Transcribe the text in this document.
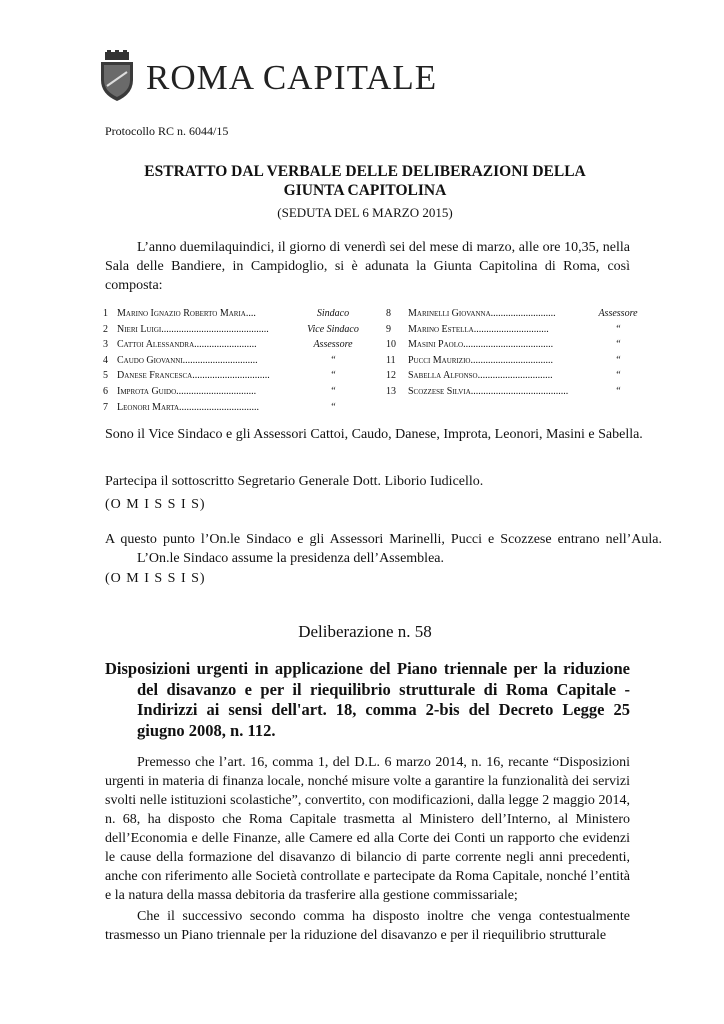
ROMA CAPITALE
Protocollo RC n. 6044/15
ESTRATTO DAL VERBALE DELLE DELIBERAZIONI DELLA
GIUNTA CAPITOLINA
(SEDUTA DEL 6 MARZO 2015)
L’anno duemilaquindici, il giorno di venerdì sei del mese di marzo, alle ore 10,35, nella Sala delle Bandiere, in Campidoglio, si è adunata la Giunta Capitolina di Roma, così composta:
1 Marino Ignazio Roberto Maria....	Sindaco
2 Nieri Luigi...........................................	Vice Sindaco
3 Cattoi Alessandra.........................	Assessore
4 Caudo Giovanni..............................	“
5 Danese Francesca...............................	“
6 Improta Guido................................	“
7 Leonori Marta................................	“
8	Marinelli Giovanna..........................	Assessore
9	Marino Estella..............................	“
10	Masini Paolo....................................	“
11	Pucci Maurizio.................................	“
12	Sabella Alfonso..............................	“
13	Scozzese Silvia.......................................	“
Sono il Vice Sindaco e gli Assessori Cattoi, Caudo, Danese, Improta, Leonori, Masini e Sabella.
Partecipa il sottoscritto Segretario Generale Dott. Liborio Iudicello.
(O M I S S I S)
A questo punto l’On.le Sindaco e gli Assessori Marinelli, Pucci e Scozzese entrano nell’Aula. L’On.le Sindaco assume la presidenza dell’Assemblea.
(O M I S S I S)
Deliberazione n. 58
Disposizioni urgenti in applicazione del Piano triennale per la riduzione del disavanzo e per il riequilibrio strutturale di Roma Capitale - Indirizzi ai sensi dell'art. 18, comma 2-bis del Decreto Legge 25 giugno 2008, n. 112.
Premesso che l’art. 16, comma 1, del D.L. 6 marzo 2014, n. 16, recante “Disposizioni urgenti in materia di finanza locale, nonché misure volte a garantire la funzionalità dei servizi svolti nelle istituzioni scolastiche”, convertito, con modificazioni, dalla legge 2 maggio 2014, n. 68, ha disposto che Roma Capitale trasmetta al Ministero dell’Interno, al Ministero dell’Economia e delle Finanze, alle Camere ed alla Corte dei Conti un rapporto che evidenzi le cause della formazione del disavanzo di bilancio di parte corrente negli anni precedenti, anche con riferimento alle Società controllate e partecipate da Roma Capitale, nonché l’entità e la natura della massa debitoria da trasferire alla gestione commissariale;
Che il successivo secondo comma ha disposto inoltre che venga contestualmente trasmesso un Piano triennale per la riduzione del disavanzo e per il riequilibrio strutturale
